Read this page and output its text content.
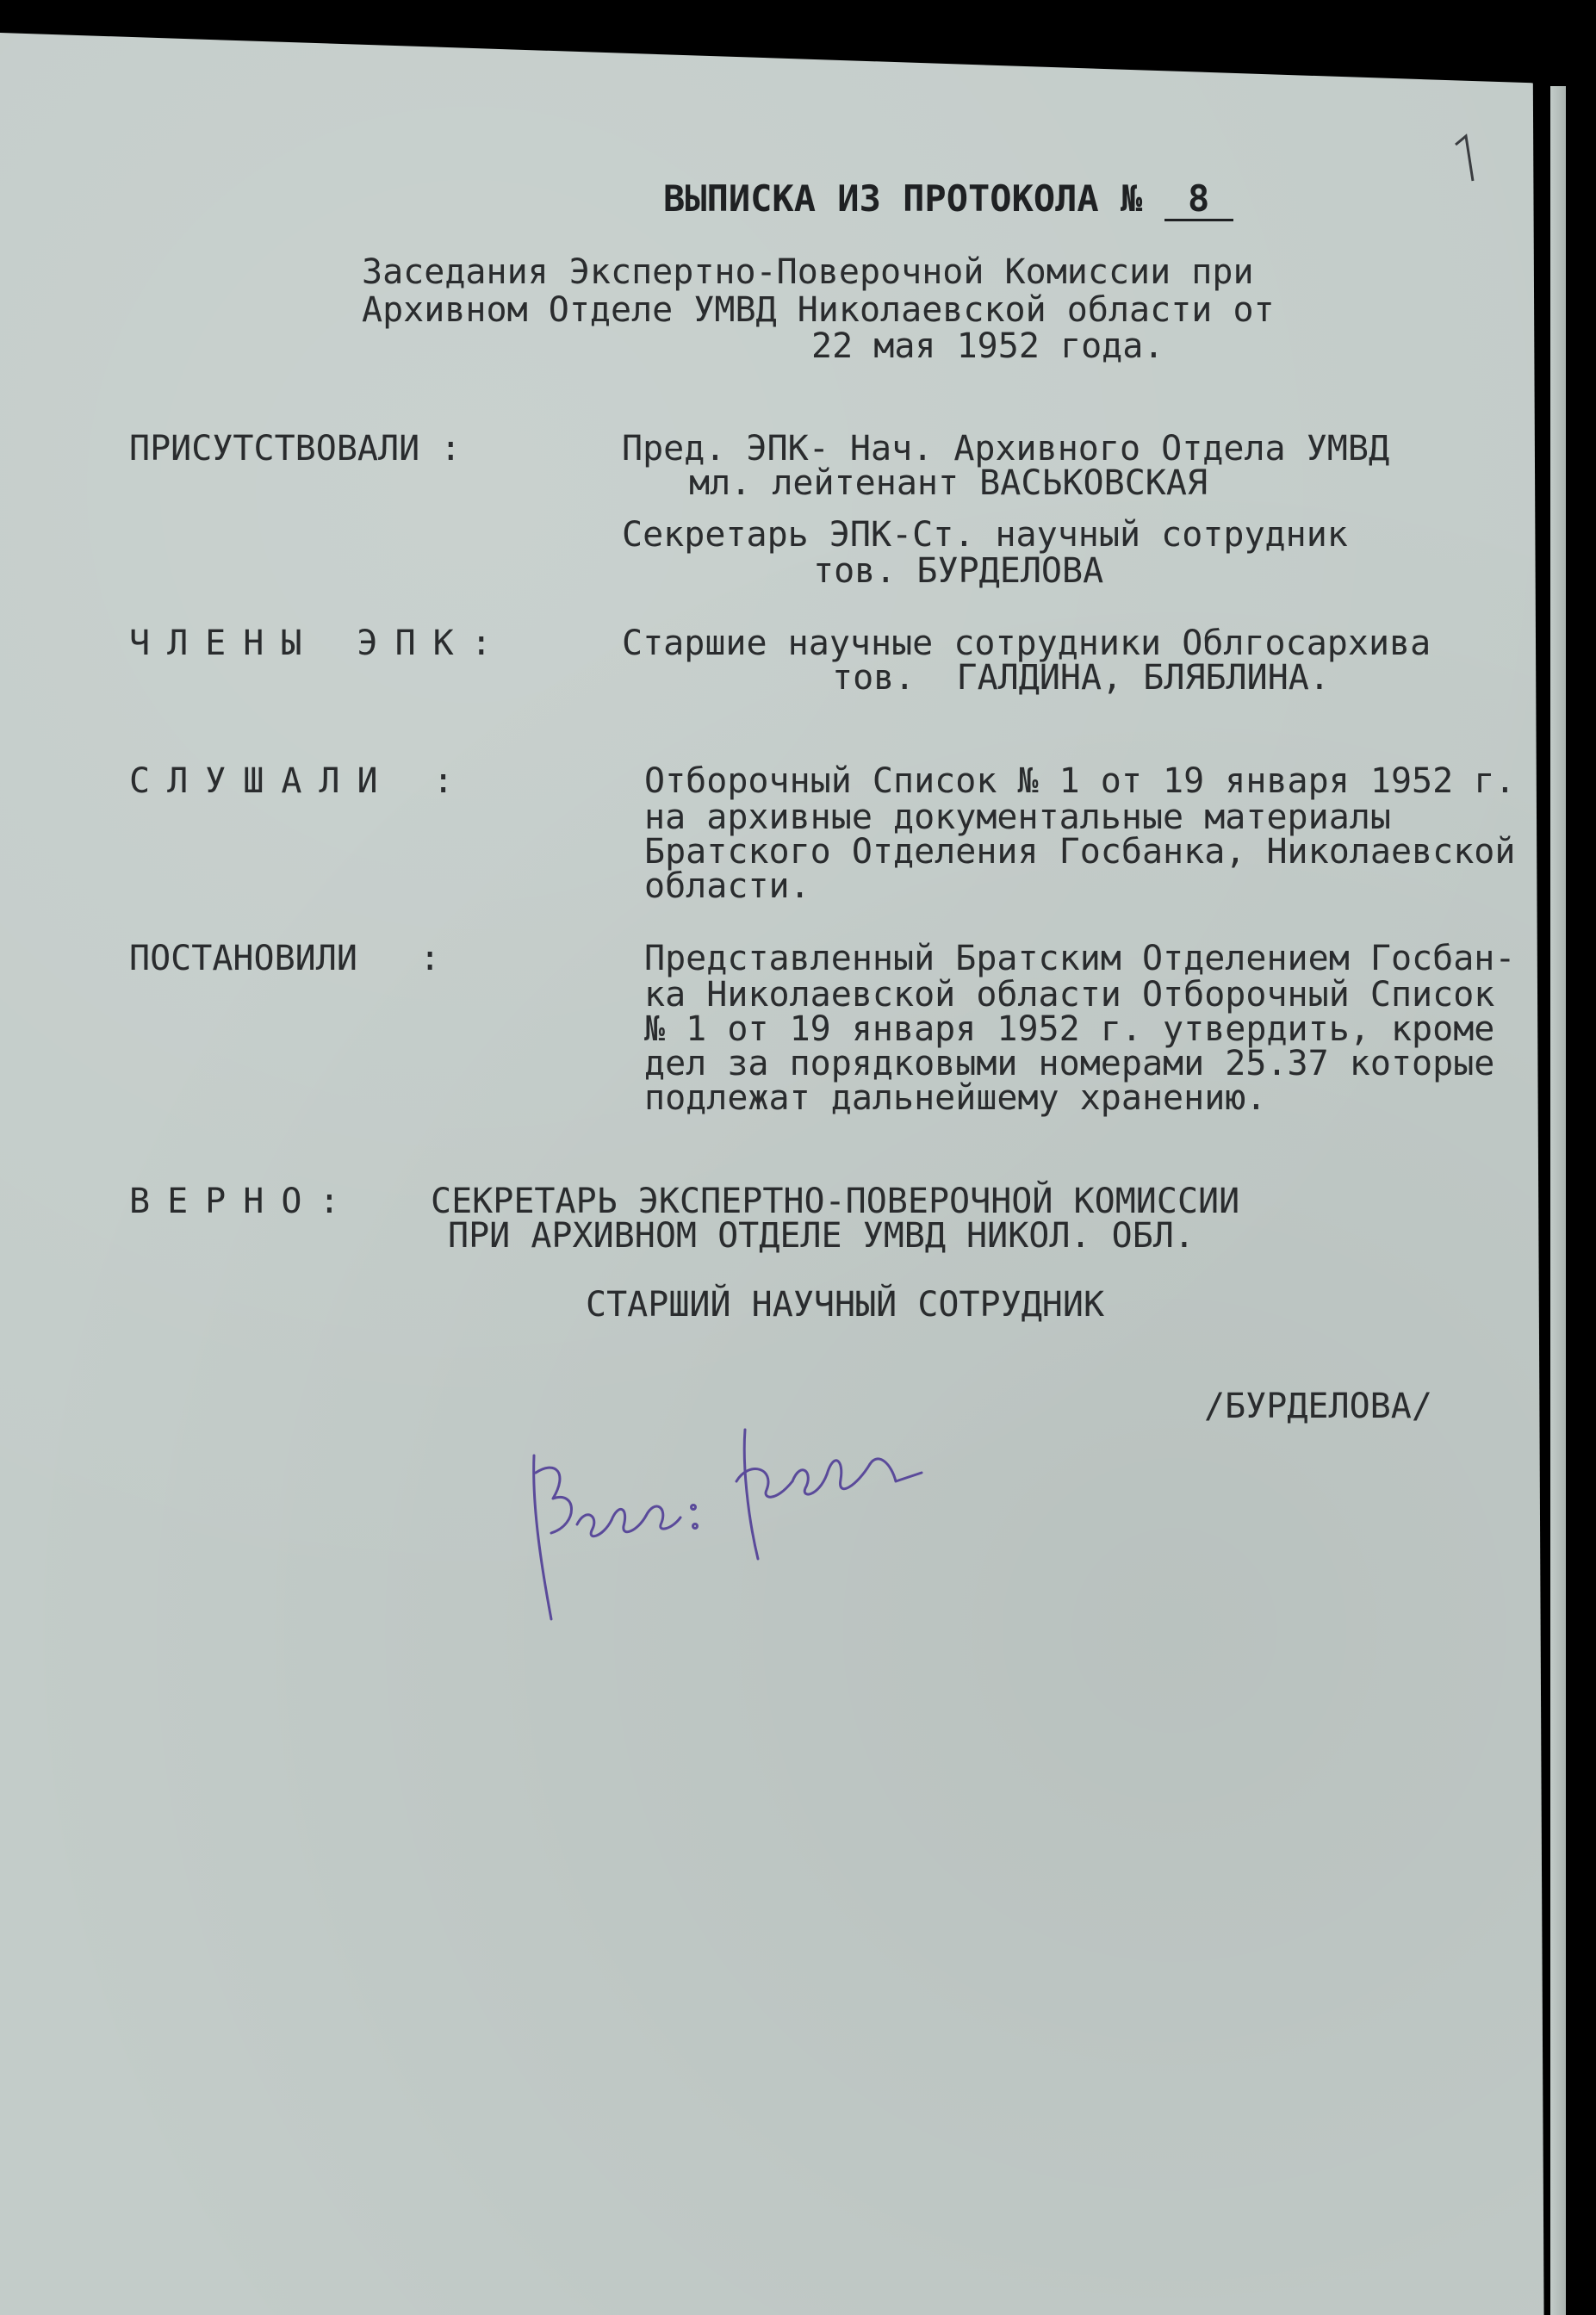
ВЫПИСКА ИЗ ПРОТОКОЛА № 8
Заседания Экспертно-Поверочной Комиссии при
Архивном Отделе УМВД Николаевской области от
22 мая 1952 года.
ПРИСУТСТВОВАЛИ :	Пред. ЭПК- Нач. Архивного Отдела УМВД
мл. лейтенант ВАСЬКОВСКАЯ
Секретарь ЭПК-Ст. научный сотрудник
тов. БУРДЕЛОВА
ЧЛЕНЫ ЭПК:	Старшие научные сотрудники Облгосархива
тов.  ГАЛДИНА, БЛЯБЛИНА.
СЛУШАЛИ :	Отборочный Список № 1 от 19 января 1952 г.
на архивные документальные материалы
Братского Отделения Госбанка, Николаевской
области.
ПОСТАНОВИЛИ   :	Представленный Братским Отделением Госбан-
ка Николаевской области Отборочный Список
№ 1 от 19 января 1952 г. утвердить, кроме
дел за порядковыми номерами 25.37 которые
подлежат дальнейшему хранению.
ВЕРНО: СЕКРЕТАРЬ ЭКСПЕРТНО-ПОВЕРОЧНОЙ КОМИССИИ
ПРИ АРХИВНОМ ОТДЕЛЕ УМВД НИКОЛ. ОБЛ.
СТАРШИЙ НАУЧНЫЙ СОТРУДНИК
/БУРДЕЛОВА/
